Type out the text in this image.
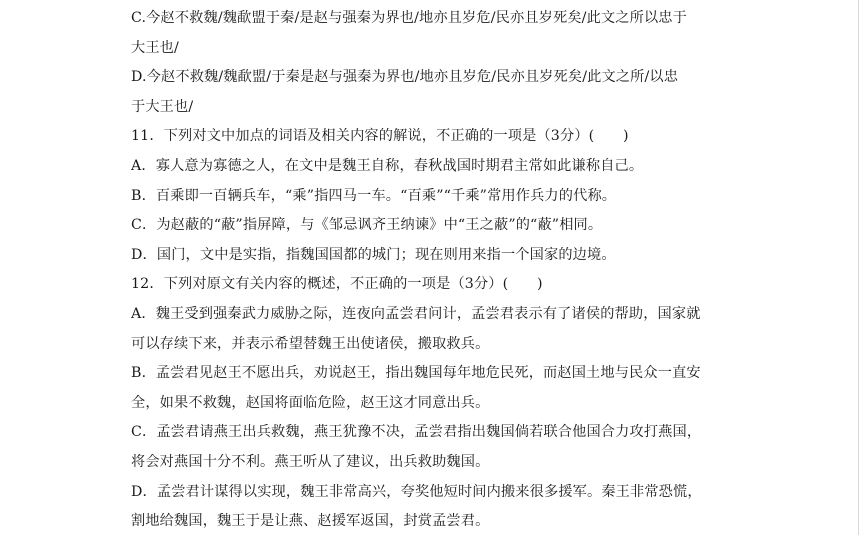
C.今赵不救魏/魏歃盟于秦/是赵与强秦为界也/地亦且岁危/民亦且岁死矣/此文之所以忠于
大王也/
D.今赵不救魏/魏歃盟/于秦是赵与强秦为界也/地亦且岁危/民亦且岁死矣/此文之所/以忠
于大王也/
11．下列对文中加点的词语及相关内容的解说，不正确的一项是（3分）(　　)
A．寡人意为寡德之人，在文中是魏王自称，春秋战国时期君主常如此谦称自己。
B．百乘即一百辆兵车，“乘”指四马一车。“百乘”“千乘”常用作兵力的代称。
C．为赵蔽的“蔽”指屏障，与《邹忌讽齐王纳谏》中“王之蔽”的“蔽”相同。
D．国门，文中是实指，指魏国国都的城门；现在则用来指一个国家的边境。
12．下列对原文有关内容的概述，不正确的一项是（3分）(　　)
A．魏王受到强秦武力威胁之际，连夜向孟尝君问计，孟尝君表示有了诸侯的帮助，国家就
可以存续下来，并表示希望替魏王出使诸侯，搬取救兵。
B．孟尝君见赵王不愿出兵，劝说赵王，指出魏国每年地危民死，而赵国土地与民众一直安
全，如果不救魏，赵国将面临危险，赵王这才同意出兵。
C．孟尝君请燕王出兵救魏，燕王犹豫不决，孟尝君指出魏国倘若联合他国合力攻打燕国，
将会对燕国十分不利。燕王听从了建议，出兵救助魏国。
D．孟尝君计谋得以实现，魏王非常高兴，夸奖他短时间内搬来很多援军。秦王非常恐慌，
割地给魏国，魏王于是让燕、赵援军返国，封赏孟尝君。
